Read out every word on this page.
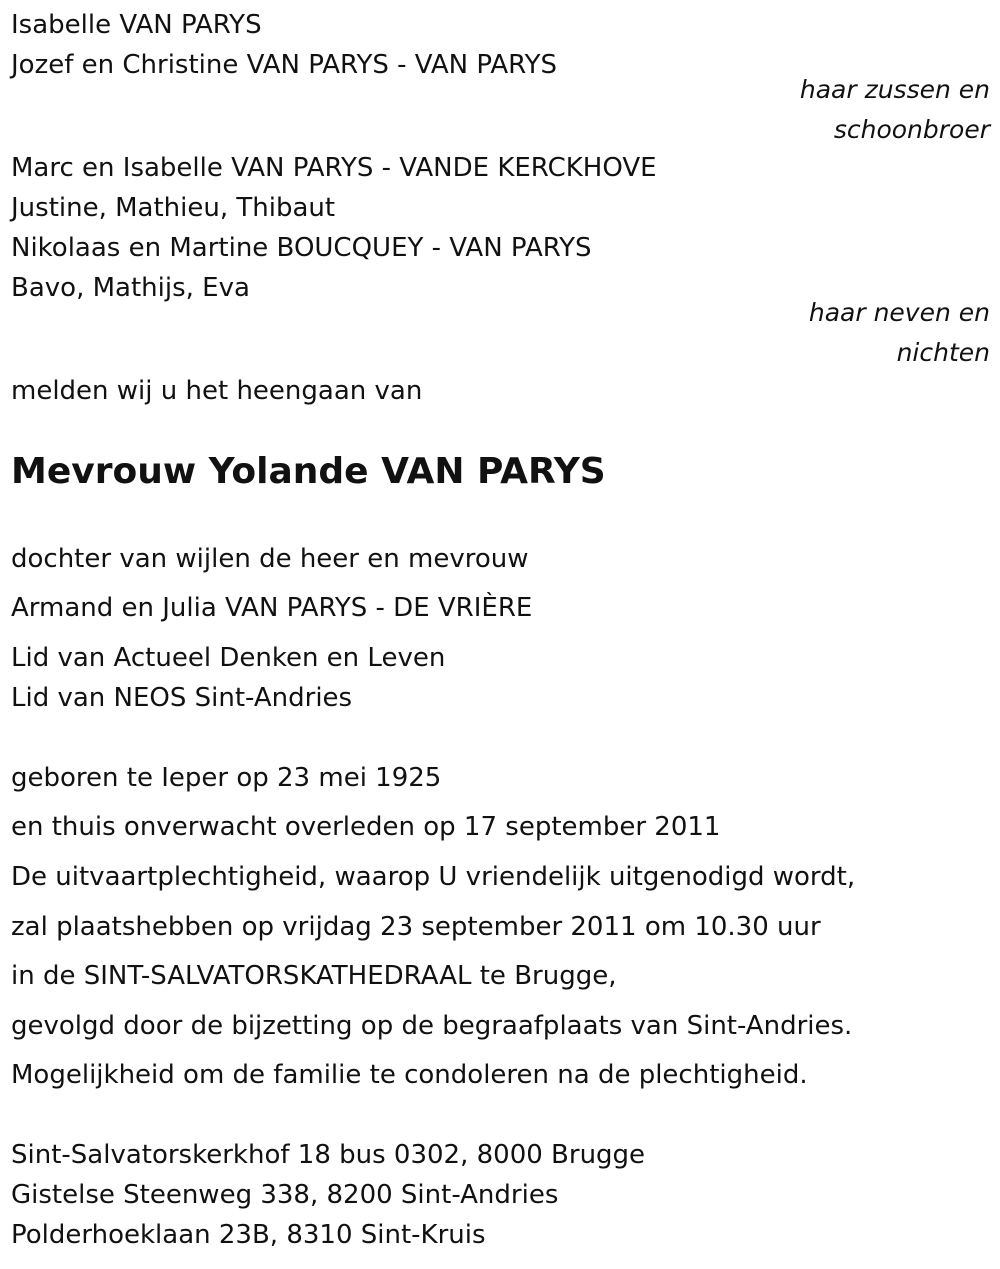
Isabelle VAN PARYS
Jozef en Christine VAN PARYS - VAN PARYS
haar zussen en
schoonbroer
Marc en Isabelle VAN PARYS - VANDE KERCKHOVE
Justine, Mathieu, Thibaut
Nikolaas en Martine BOUCQUEY - VAN PARYS
Bavo, Mathijs, Eva
haar neven en
nichten
melden wij u het heengaan van
Mevrouw Yolande VAN PARYS
dochter van wijlen de heer en mevrouw
Armand en Julia VAN PARYS - DE VRIÈRE
Lid van Actueel Denken en Leven
Lid van NEOS Sint-Andries
geboren te Ieper op 23 mei 1925
en thuis onverwacht overleden op 17 september 2011
De uitvaartplechtigheid, waarop U vriendelijk uitgenodigd wordt,
zal plaatshebben op vrijdag 23 september 2011 om 10.30 uur
in de SINT-SALVATORSKATHEDRAAL te Brugge,
gevolgd door de bijzetting op de begraafplaats van Sint-Andries.
Mogelijkheid om de familie te condoleren na de plechtigheid.
Sint-Salvatorskerkhof 18 bus 0302, 8000 Brugge
Gistelse Steenweg 338, 8200 Sint-Andries
Polderhoeklaan 23B, 8310 Sint-Kruis
